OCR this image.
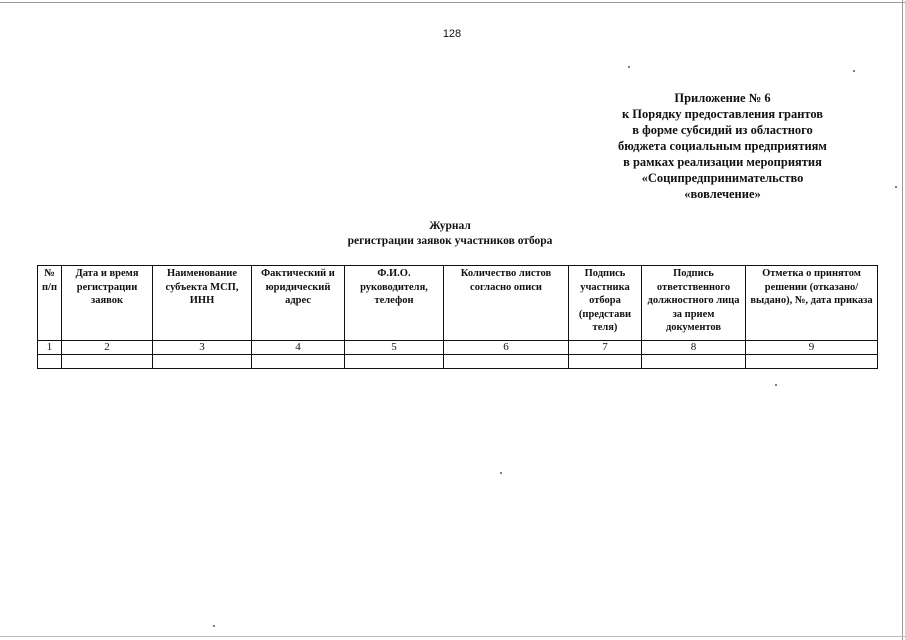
128
Приложение № 6
к Порядку предоставления грантов
в форме субсидий из областного
бюджета социальным предприятиям
в рамках реализации мероприятия
«Соципредпринимательство
«вовлечение»
Журнал
регистрации заявок участников отбора
№ п/п	Дата и время регистрации заявок	Наименование субъекта МСП, ИНН	Фактический и юридический адрес	Ф.И.О. руководителя, телефон	Количество листов согласно описи	Подпись участника отбора (представи теля)	Подпись ответственного должностного лица за прием документов	Отметка о принятом решении (отказано/выдано), №, дата приказа
1	2	3	4	5	6	7	8	9
